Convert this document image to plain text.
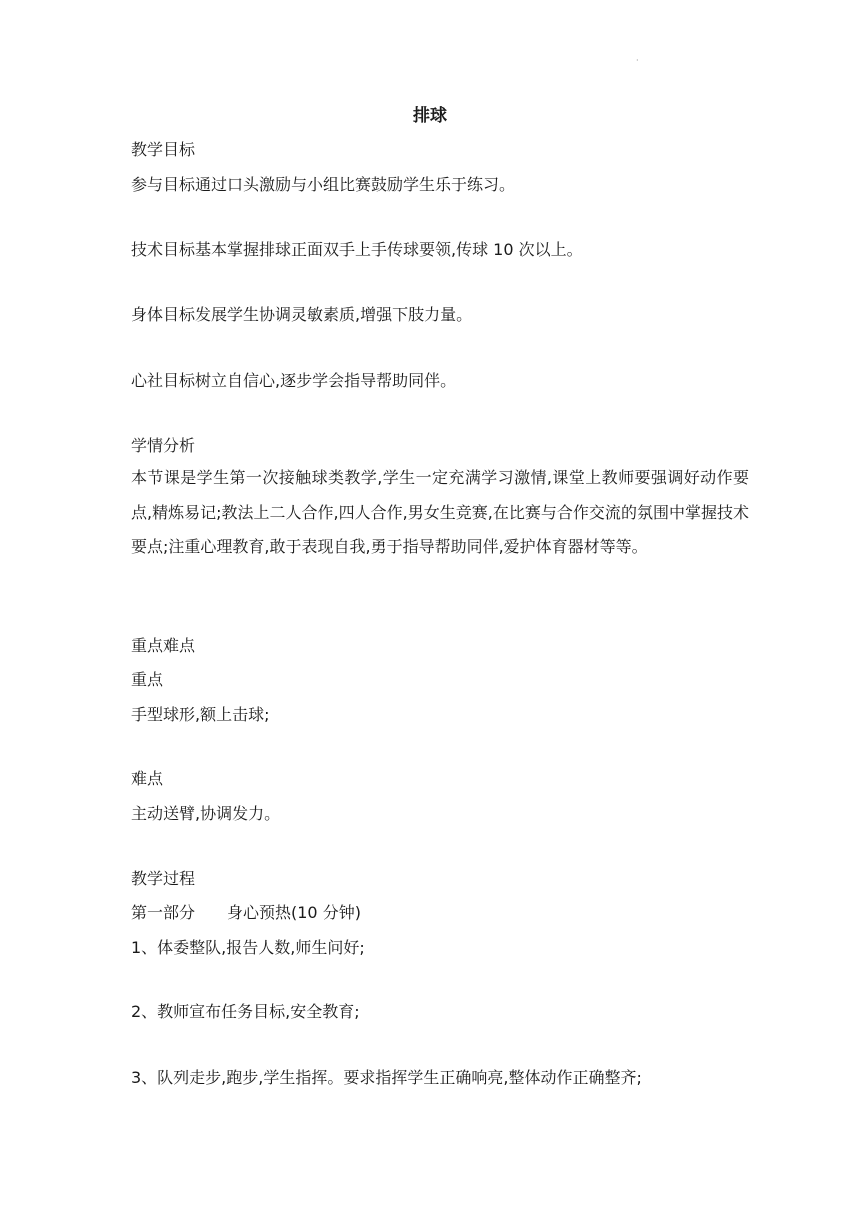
·
排球
教学目标
参与目标通过口头激励与小组比赛鼓励学生乐于练习。
技术目标基本掌握排球正面双手上手传球要领,传球 10 次以上。
身体目标发展学生协调灵敏素质,增强下肢力量。
心社目标树立自信心,逐步学会指导帮助同伴。
学情分析
本节课是学生第一次接触球类教学,学生一定充满学习激情,课堂上教师要强调好动作要点,精炼易记;教法上二人合作,四人合作,男女生竞赛,在比赛与合作交流的氛围中掌握技术要点;注重心理教育,敢于表现自我,勇于指导帮助同伴,爱护体育器材等等。
重点难点
重点
手型球形,额上击球;
难点
主动送臂,协调发力。
教学过程
第一部分　　身心预热(10 分钟)
1、体委整队,报告人数,师生问好;
2、教师宣布任务目标,安全教育;
3、队列走步,跑步,学生指挥。要求指挥学生正确响亮,整体动作正确整齐;
